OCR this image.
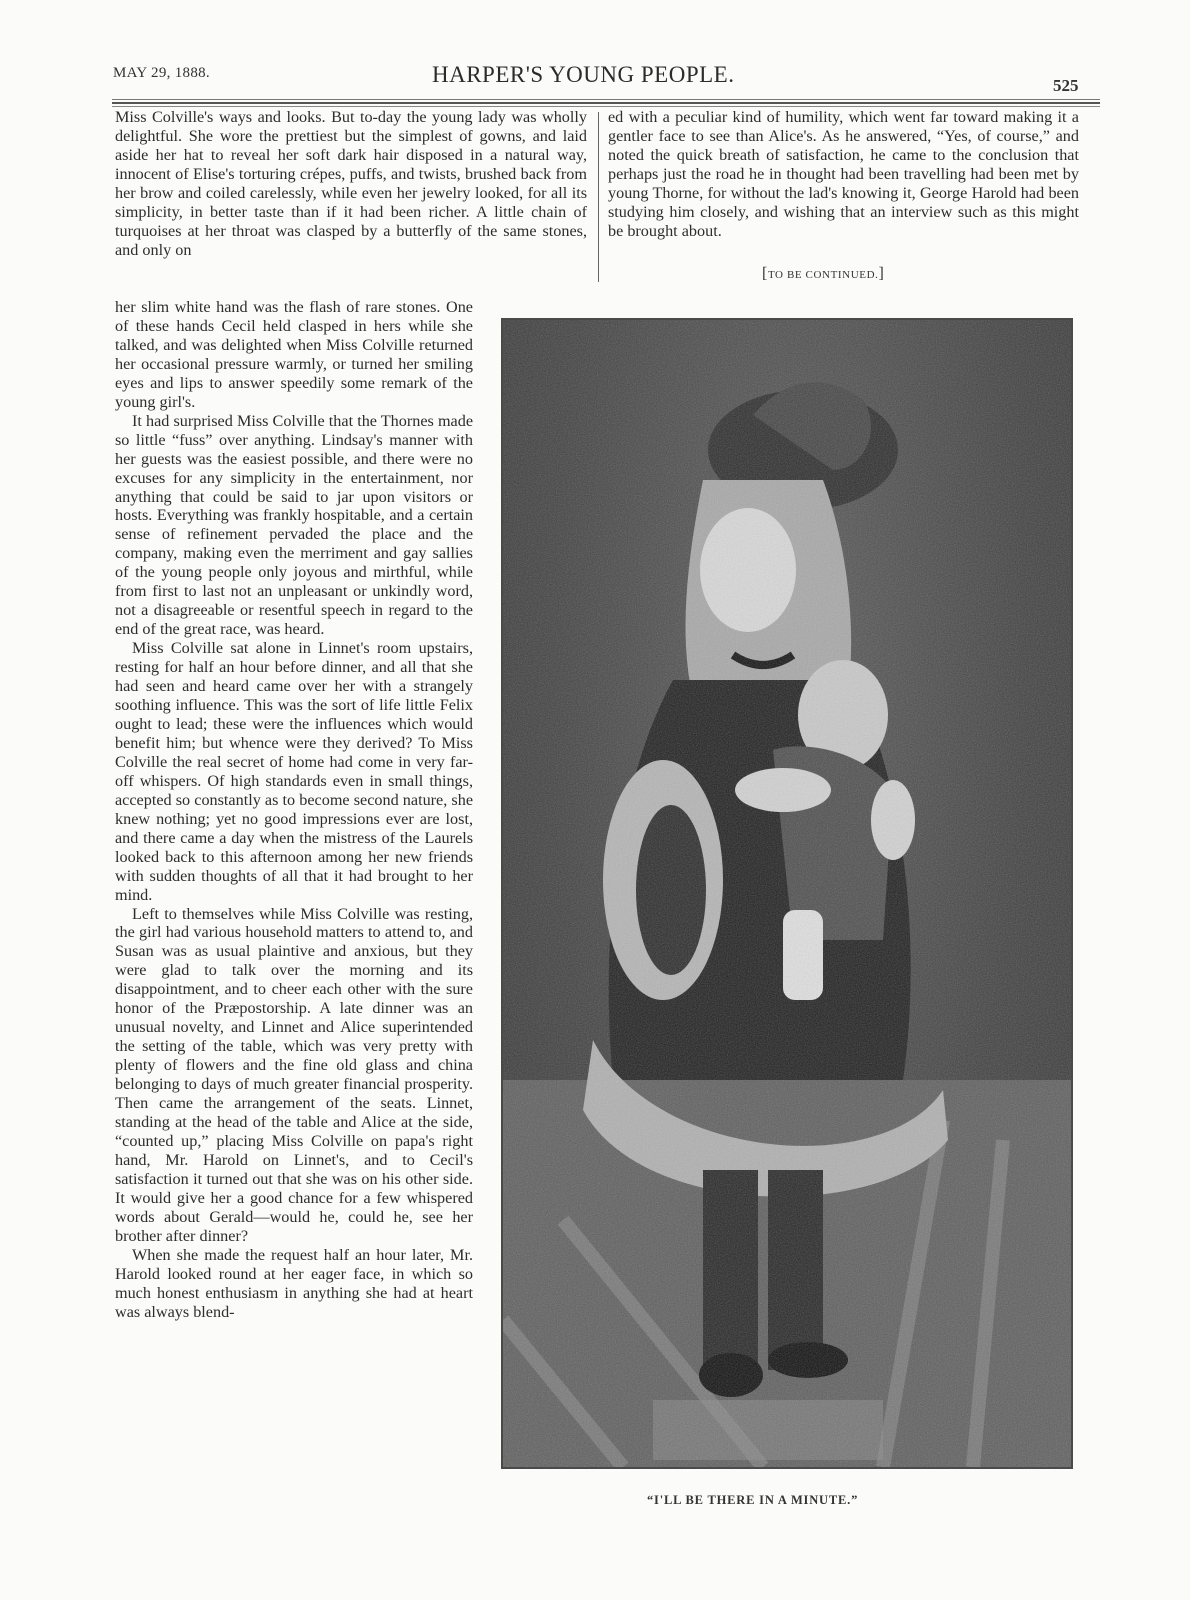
MAY 29, 1888.	HARPER'S YOUNG PEOPLE.	525

Miss Colville's ways and looks. But to-day the young lady was wholly delightful. She wore the prettiest but the simplest of gowns, and laid aside her hat to reveal her soft dark hair disposed in a natural way, innocent of Elise's torturing crépes, puffs, and twists, brushed back from her brow and coiled carelessly, while even her jewelry looked, for all its simplicity, in better taste than if it had been richer. A little chain of turquoises at her throat was clasped by a butterfly of the same stones, and only on

her slim white hand was the flash of rare stones. One of these hands Cecil held clasped in hers while she talked, and was delighted when Miss Colville returned her occasional pressure warmly, or turned her smiling eyes and lips to answer speedily some remark of the young girl's.

It had surprised Miss Colville that the Thornes made so little “fuss” over anything. Lindsay's manner with her guests was the easiest possible, and there were no excuses for any simplicity in the entertainment, nor anything that could be said to jar upon visitors or hosts. Everything was frankly hospitable, and a certain sense of refinement pervaded the place and the company, making even the merriment and gay sallies of the young people only joyous and mirthful, while from first to last not an unpleasant or unkindly word, not a disagreeable or resentful speech in regard to the end of the great race, was heard.

Miss Colville sat alone in Linnet's room upstairs, resting for half an hour before dinner, and all that she had seen and heard came over her with a strangely soothing influence. This was the sort of life little Felix ought to lead; these were the influences which would benefit him; but whence were they derived? To Miss Colville the real secret of home had come in very far-off whispers. Of high standards even in small things, accepted so constantly as to become second nature, she knew nothing; yet no good impressions ever are lost, and there came a day when the mistress of the Laurels looked back to this afternoon among her new friends with sudden thoughts of all that it had brought to her mind.

Left to themselves while Miss Colville was resting, the girl had various household matters to attend to, and Susan was as usual plaintive and anxious, but they were glad to talk over the morning and its disappointment, and to cheer each other with the sure honor of the Præpostorship. A late dinner was an unusual novelty, and Linnet and Alice superintended the setting of the table, which was very pretty with plenty of flowers and the fine old glass and china belonging to days of much greater financial prosperity. Then came the arrangement of the seats. Linnet, standing at the head of the table and Alice at the side, “counted up,” placing Miss Colville on papa's right hand, Mr. Harold on Linnet's, and to Cecil's satisfaction it turned out that she was on his other side. It would give her a good chance for a few whispered words about Gerald—would he, could he, see her brother after dinner?

When she made the request half an hour later, Mr. Harold looked round at her eager face, in which so much honest enthusiasm in anything she had at heart was always blend-

ed with a peculiar kind of humility, which went far toward making it a gentler face to see than Alice's. As he answered, “Yes, of course,” and noted the quick breath of satisfaction, he came to the conclusion that perhaps just the road he in thought had been travelling had been met by young Thorne, for without the lad's knowing it, George Harold had been studying him closely, and wishing that an interview such as this might be brought about.

[TO BE CONTINUED.]
“I'LL BE THERE IN A MINUTE.”
